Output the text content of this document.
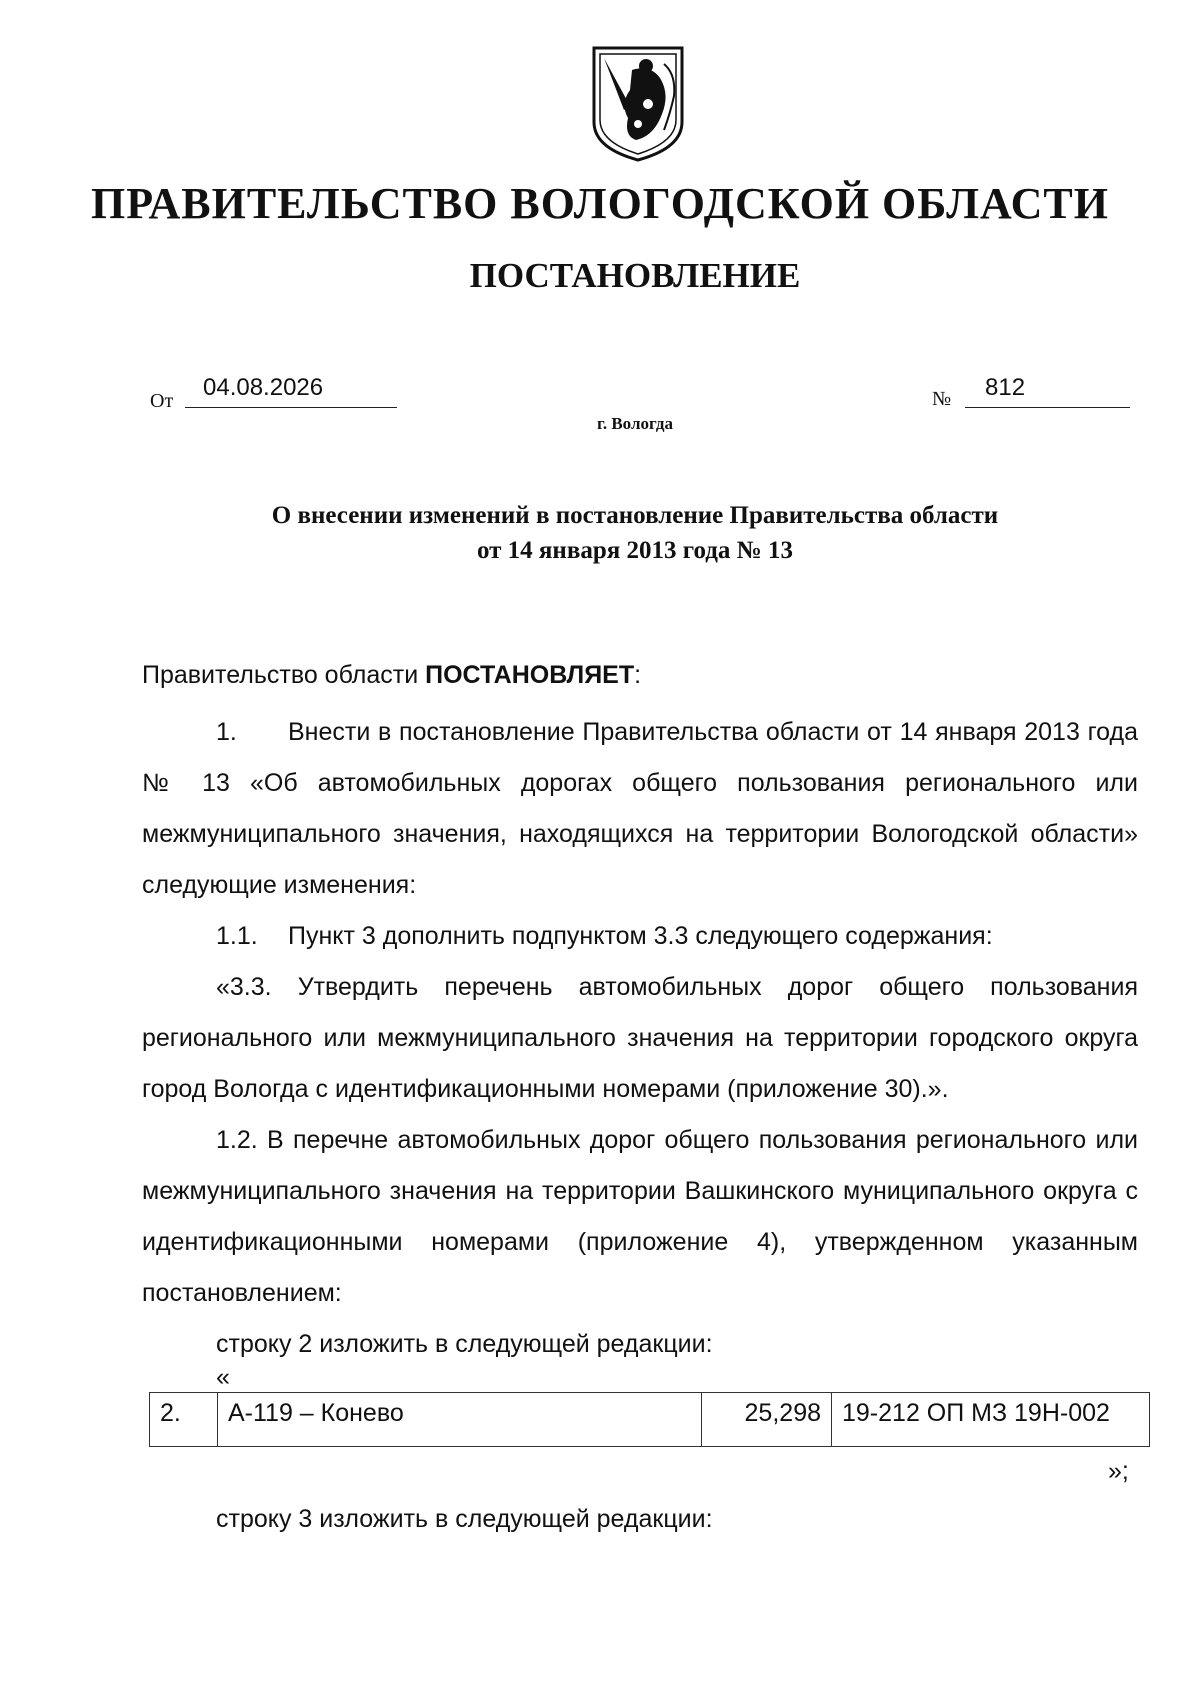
ПРАВИТЕЛЬСТВО ВОЛОГОДСКОЙ ОБЛАСТИ
ПОСТАНОВЛЕНИЕ
От	04.08.2026	№	812
г. Вологда
О внесении изменений в постановление Правительства области
от 14 января 2013 года № 13

Правительство области ПОСТАНОВЛЯЕТ:

1. Внести в постановление Правительства области от 14 января 2013 года № 13 «Об автомобильных дорогах общего пользования регионального или межмуниципального значения, находящихся на территории Вологодской области» следующие изменения:

1.1. Пункт 3 дополнить подпунктом 3.3 следующего содержания:

«3.3. Утвердить перечень автомобильных дорог общего пользования регионального или межмуниципального значения на территории городского округа город Вологда с идентификационными номерами (приложение 30).».

1.2. В перечне автомобильных дорог общего пользования регионального или межмуниципального значения на территории Вашкинского муниципального округа с идентификационными номерами (приложение 4), утвержденном указанным постановлением:

строку 2 изложить в следующей редакции:

«
2.	А-119 – Конево	25,298	19-212 ОП МЗ 19Н-002
»;
строку 3 изложить в следующей редакции:
